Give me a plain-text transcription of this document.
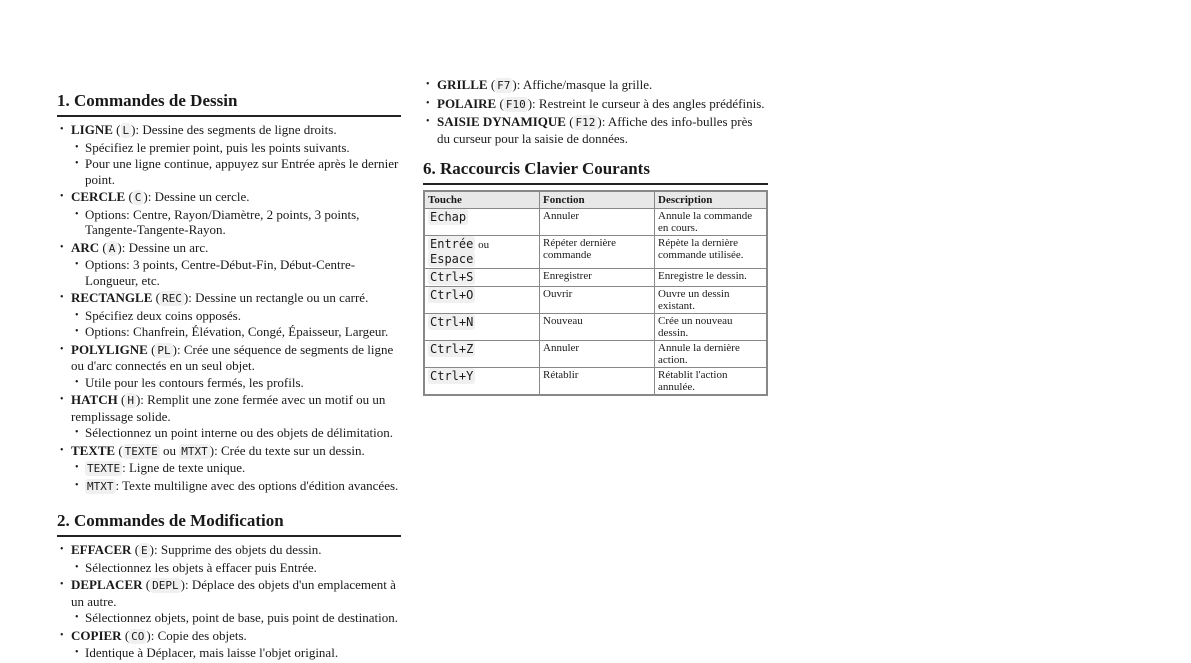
1. Commandes de Dessin
• LIGNE ( L ): Dessine des segments de ligne droits.
• Spécifiez le premier point, puis les points suivants.
• Pour une ligne continue, appuyez sur Entrée après le dernier point.
• CERCLE ( C ): Dessine un cercle.
• Options: Centre, Rayon/Diamètre, 2 points, 3 points, Tangente-Tangente-Rayon.
• ARC ( A ): Dessine un arc.
• Options: 3 points, Centre-Début-Fin, Début-Centre-Longueur, etc.
• RECTANGLE ( REC ): Dessine un rectangle ou un carré.
• Spécifiez deux coins opposés.
• Options: Chanfrein, Élévation, Congé, Épaisseur, Largeur.
• POLYLIGNE ( PL ): Crée une séquence de segments de ligne ou d'arc connectés en un seul objet.
• Utile pour les contours fermés, les profils.
• HATCH ( H ): Remplit une zone fermée avec un motif ou un remplissage solide.
• Sélectionnez un point interne ou des objets de délimitation.
• TEXTE ( TEXTE ou MTXT ): Crée du texte sur un dessin.
• TEXTE : Ligne de texte unique.
• MTXT : Texte multiligne avec des options d'édition avancées.
2. Commandes de Modification
• EFFACER ( E ): Supprime des objets du dessin.
• Sélectionnez les objets à effacer puis Entrée.
• DEPLACER ( DEPL ): Déplace des objets d'un emplacement à un autre.
• Sélectionnez objets, point de base, puis point de destination.
• COPIER ( CO ): Copie des objets.
• Identique à Déplacer, mais laisse l'objet original.
• GRILLE ( F7 ): Affiche/masque la grille.
• POLAIRE ( F10 ): Restreint le curseur à des angles prédéfinis.
• SAISIE DYNAMIQUE ( F12 ): Affiche des info-bulles près du curseur pour la saisie de données.
6. Raccourcis Clavier Courants
Touche	Fonction	Description
Echap	Annuler	Annule la commande en cours.
Entrée ou
Espace	Répéter dernière commande	Répète la dernière commande utilisée.
Ctrl+S	Enregistrer	Enregistre le dessin.
Ctrl+O	Ouvrir	Ouvre un dessin existant.
Ctrl+N	Nouveau	Crée un nouveau dessin.
Ctrl+Z	Annuler	Annule la dernière action.
Ctrl+Y	Rétablir	Rétablit l'action annulée.
